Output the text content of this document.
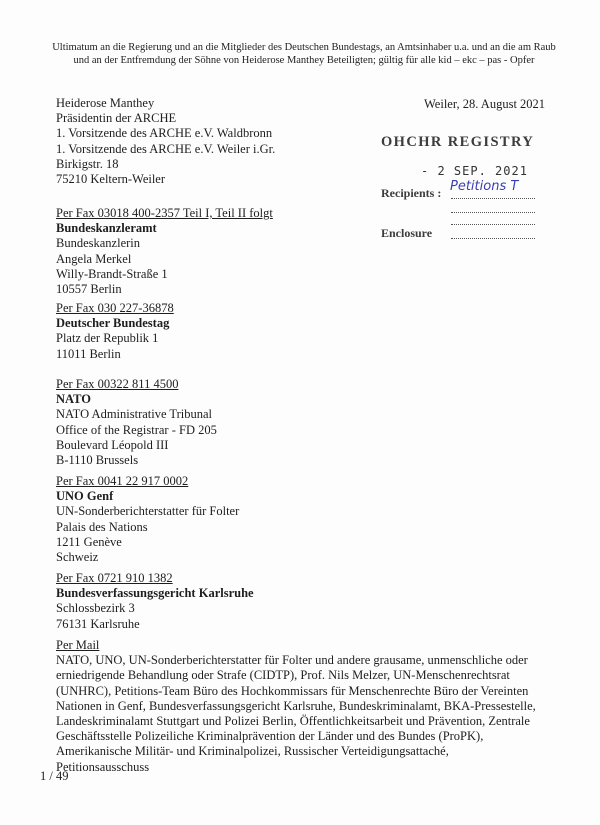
Ultimatum an die Regierung und an die Mitglieder des Deutschen Bundestags, an Amtsinhaber u.a. und an die am Raub
und an der Entfremdung der Söhne von Heiderose Manthey Beteiligten; gültig für alle kid – ekc – pas - Opfer
Heiderose Manthey
Präsidentin der ARCHE
1. Vorsitzende des ARCHE e.V. Waldbronn
1. Vorsitzende des ARCHE e.V. Weiler i.Gr.
Birkigstr. 18
75210 Keltern-Weiler
Weiler, 28. August 2021
OHCHR REGISTRY
- 2 SEP. 2021
Recipients :
Enclosure
Petitions T
Per Fax 03018 400-2357 Teil I, Teil II folgt
Bundeskanzleramt
Bundeskanzlerin
Angela Merkel
Willy-Brandt-Straße 1
10557 Berlin
Per Fax 030 227-36878
Deutscher Bundestag
Platz der Republik 1
11011 Berlin
Per Fax 00322 811 4500
NATO
NATO Administrative Tribunal
Office of the Registrar - FD 205
Boulevard Léopold III
B-1110 Brussels
Per Fax 0041 22 917 0002
UNO Genf
UN-Sonderberichterstatter für Folter
Palais des Nations
1211 Genève
Schweiz
Per Fax 0721 910 1382
Bundesverfassungsgericht Karlsruhe
Schlossbezirk 3
76131 Karlsruhe
Per Mail
NATO, UNO, UN-Sonderberichterstatter für Folter und andere grausame, unmenschliche oder
erniedrigende Behandlung oder Strafe (CIDTP), Prof. Nils Melzer, UN-Menschenrechtsrat
(UNHRC), Petitions-Team Büro des Hochkommissars für Menschenrechte Büro der Vereinten
Nationen in Genf, Bundesverfassungsgericht Karlsruhe, Bundeskriminalamt, BKA-Pressestelle,
Landeskriminalamt Stuttgart und Polizei Berlin, Öffentlichkeitsarbeit und Prävention, Zentrale
Geschäftsstelle Polizeiliche Kriminalprävention der Länder und des Bundes (ProPK),
Amerikanische Militär- und Kriminalpolizei, Russischer Verteidigungsattaché, Petitionsausschuss
1 / 49
